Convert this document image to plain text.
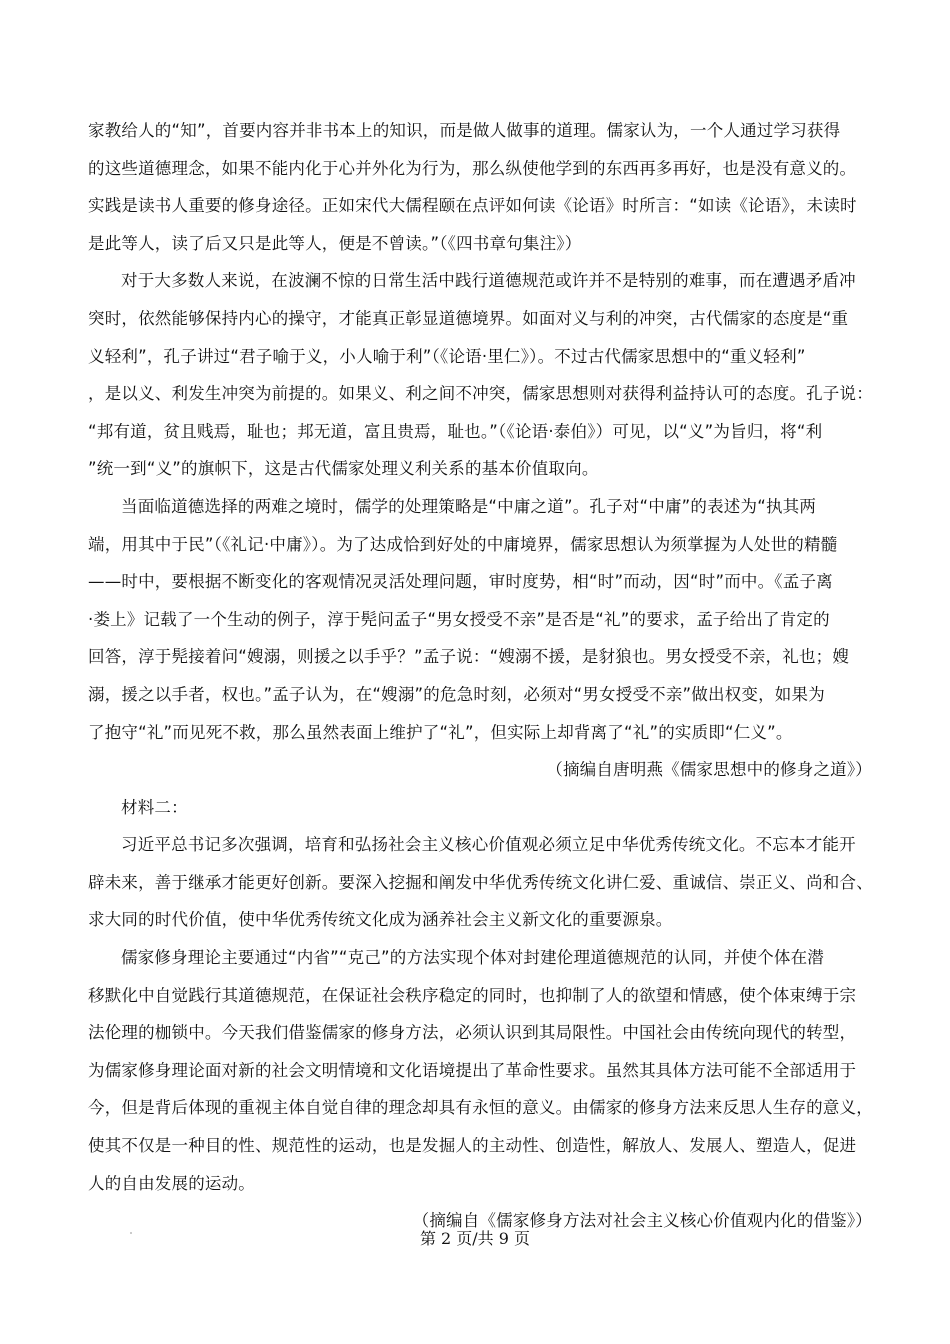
家教给人的“知”，首要内容并非书本上的知识，而是做人做事的道理。儒家认为，一个人通过学习获得
的这些道德理念，如果不能内化于心并外化为行为，那么纵使他学到的东西再多再好，也是没有意义的。
实践是读书人重要的修身途径。正如宋代大儒程颐在点评如何读《论语》时所言：“如读《论语》，未读时
是此等人，读了后又只是此等人，便是不曾读。”（《四书章句集注》）
对于大多数人来说，在波澜不惊的日常生活中践行道德规范或许并不是特别的难事，而在遭遇矛盾冲
突时，依然能够保持内心的操守，才能真正彰显道德境界。如面对义与利的冲突，古代儒家的态度是“重
义轻利”，孔子讲过“君子喻于义，小人喻于利”（《论语·里仁》）。不过古代儒家思想中的“重义轻利”
，是以义、利发生冲突为前提的。如果义、利之间不冲突，儒家思想则对获得利益持认可的态度。孔子说：
“邦有道，贫且贱焉，耻也；邦无道，富且贵焉，耻也。”（《论语·泰伯》）可见，以“义”为旨归，将“利
”统一到“义”的旗帜下，这是古代儒家处理义利关系的基本价值取向。
当面临道德选择的两难之境时，儒学的处理策略是“中庸之道”。孔子对“中庸”的表述为“执其两
端，用其中于民”（《礼记·中庸》）。为了达成恰到好处的中庸境界，儒家思想认为须掌握为人处世的精髓
——时中，要根据不断变化的客观情况灵活处理问题，审时度势，相“时”而动，因“时”而中。《孟子离
·娄上》记载了一个生动的例子，淳于髡问孟子“男女授受不亲”是否是“礼”的要求，孟子给出了肯定的
回答，淳于髡接着问“嫂溺，则援之以手乎？”孟子说：“嫂溺不援，是豺狼也。男女授受不亲，礼也；嫂
溺，援之以手者，权也。”孟子认为，在“嫂溺”的危急时刻，必须对“男女授受不亲”做出权变，如果为
了抱守“礼”而见死不救，那么虽然表面上维护了“礼”，但实际上却背离了“礼”的实质即“仁义”。
（摘编自唐明燕《儒家思想中的修身之道》）
材料二：
习近平总书记多次强调，培育和弘扬社会主义核心价值观必须立足中华优秀传统文化。不忘本才能开
辟未来，善于继承才能更好创新。要深入挖掘和阐发中华优秀传统文化讲仁爱、重诚信、崇正义、尚和合、
求大同的时代价值，使中华优秀传统文化成为涵养社会主义新文化的重要源泉。
儒家修身理论主要通过“内省”“克己”的方法实现个体对封建伦理道德规范的认同，并使个体在潜
移默化中自觉践行其道德规范，在保证社会秩序稳定的同时，也抑制了人的欲望和情感，使个体束缚于宗
法伦理的枷锁中。今天我们借鉴儒家的修身方法，必须认识到其局限性。中国社会由传统向现代的转型，
为儒家修身理论面对新的社会文明情境和文化语境提出了革命性要求。虽然其具体方法可能不全部适用于
今，但是背后体现的重视主体自觉自律的理念却具有永恒的意义。由儒家的修身方法来反思人生存的意义，
使其不仅是一种目的性、规范性的运动，也是发掘人的主动性、创造性，解放人、发展人、塑造人，促进
人的自由发展的运动。
（摘编自《儒家修身方法对社会主义核心价值观内化的借鉴》）
第 2 页/共 9 页
